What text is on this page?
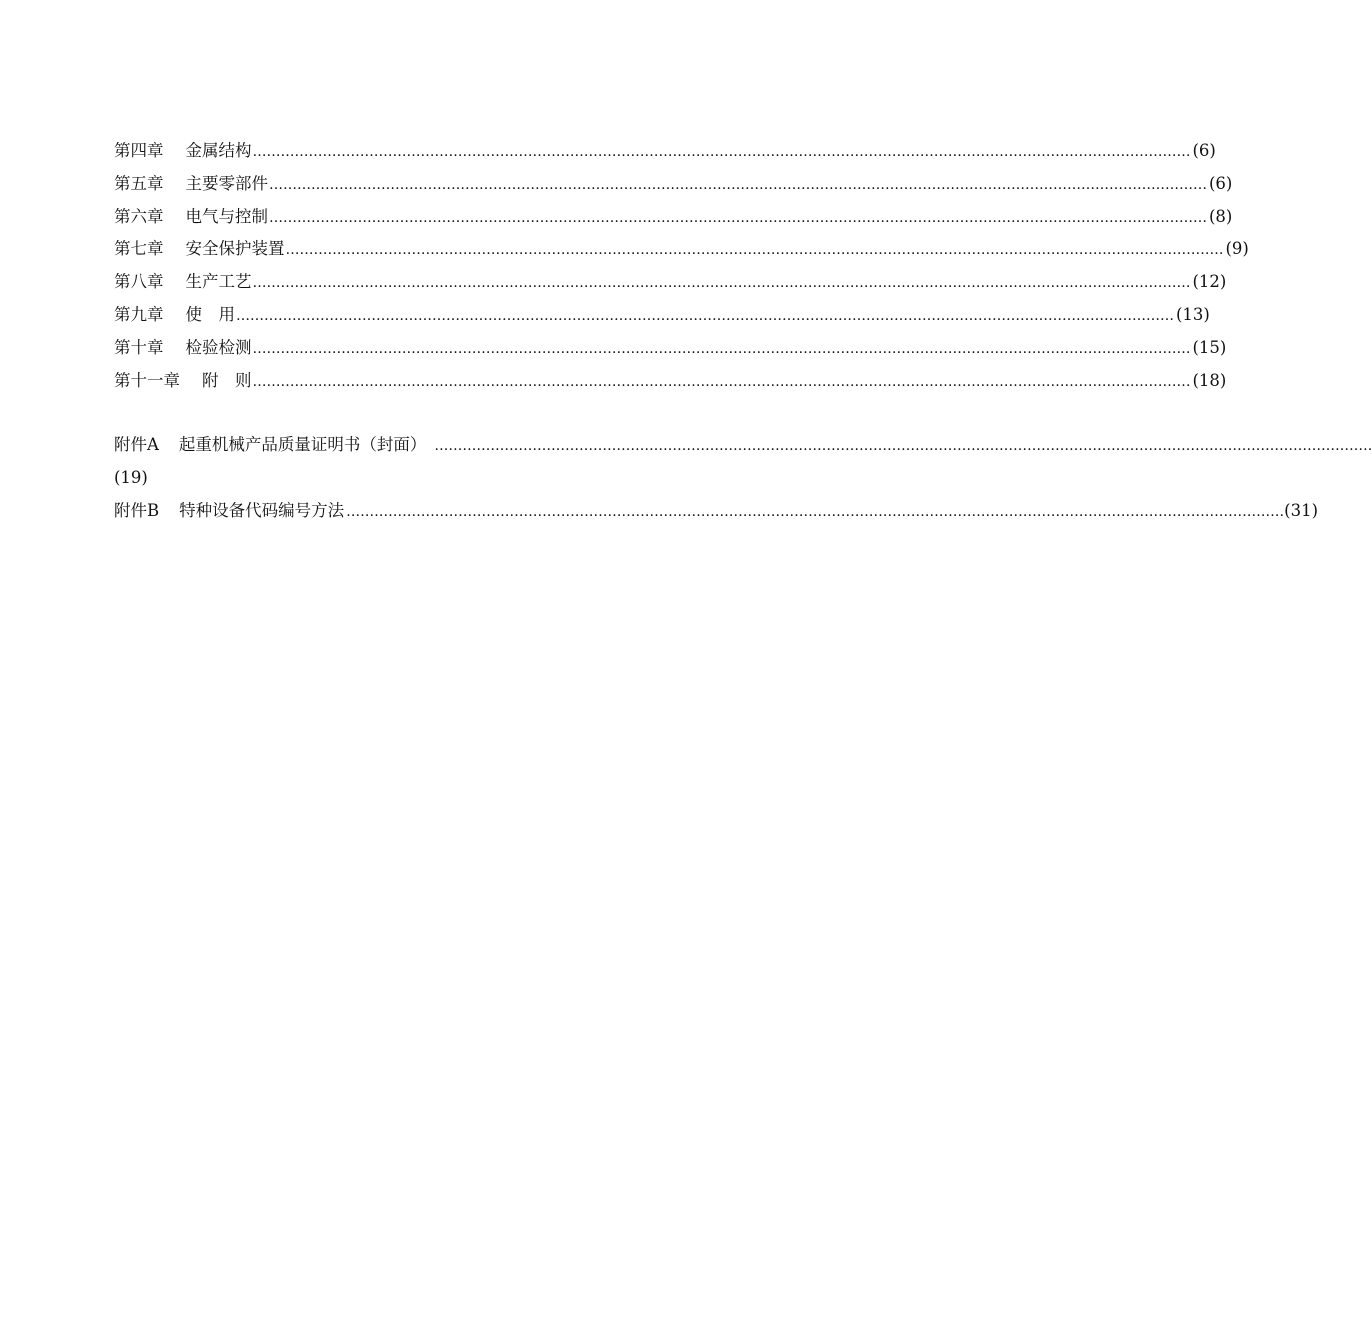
第四章 金属结构 ………………………………………………………………………………………………………………………………………………………………………………… (6)
第五章 主要零部件 ………………………………………………………………………………………………………………………………………………………………………………… (6)
第六章 电气与控制 ………………………………………………………………………………………………………………………………………………………………………………… (8)
第七章 安全保护装置 ………………………………………………………………………………………………………………………………………………………………………………… (9)
第八章 生产工艺 ………………………………………………………………………………………………………………………………………………………………………………… (12)
第九章 使　用 ………………………………………………………………………………………………………………………………………………………………………………… (13)
第十章 检验检测 ………………………………………………………………………………………………………………………………………………………………………………… (15)
第十一章 附　则 ………………………………………………………………………………………………………………………………………………………………………………… (18)
附件A 起重机械产品质量证明书（封面） …………………………………………………………………………………………………………………………………………………………………………………
(19)
附件B 特种设备代码编号方法 ………………………………………………………………………………………………………………………………………………………………………………… (31)
